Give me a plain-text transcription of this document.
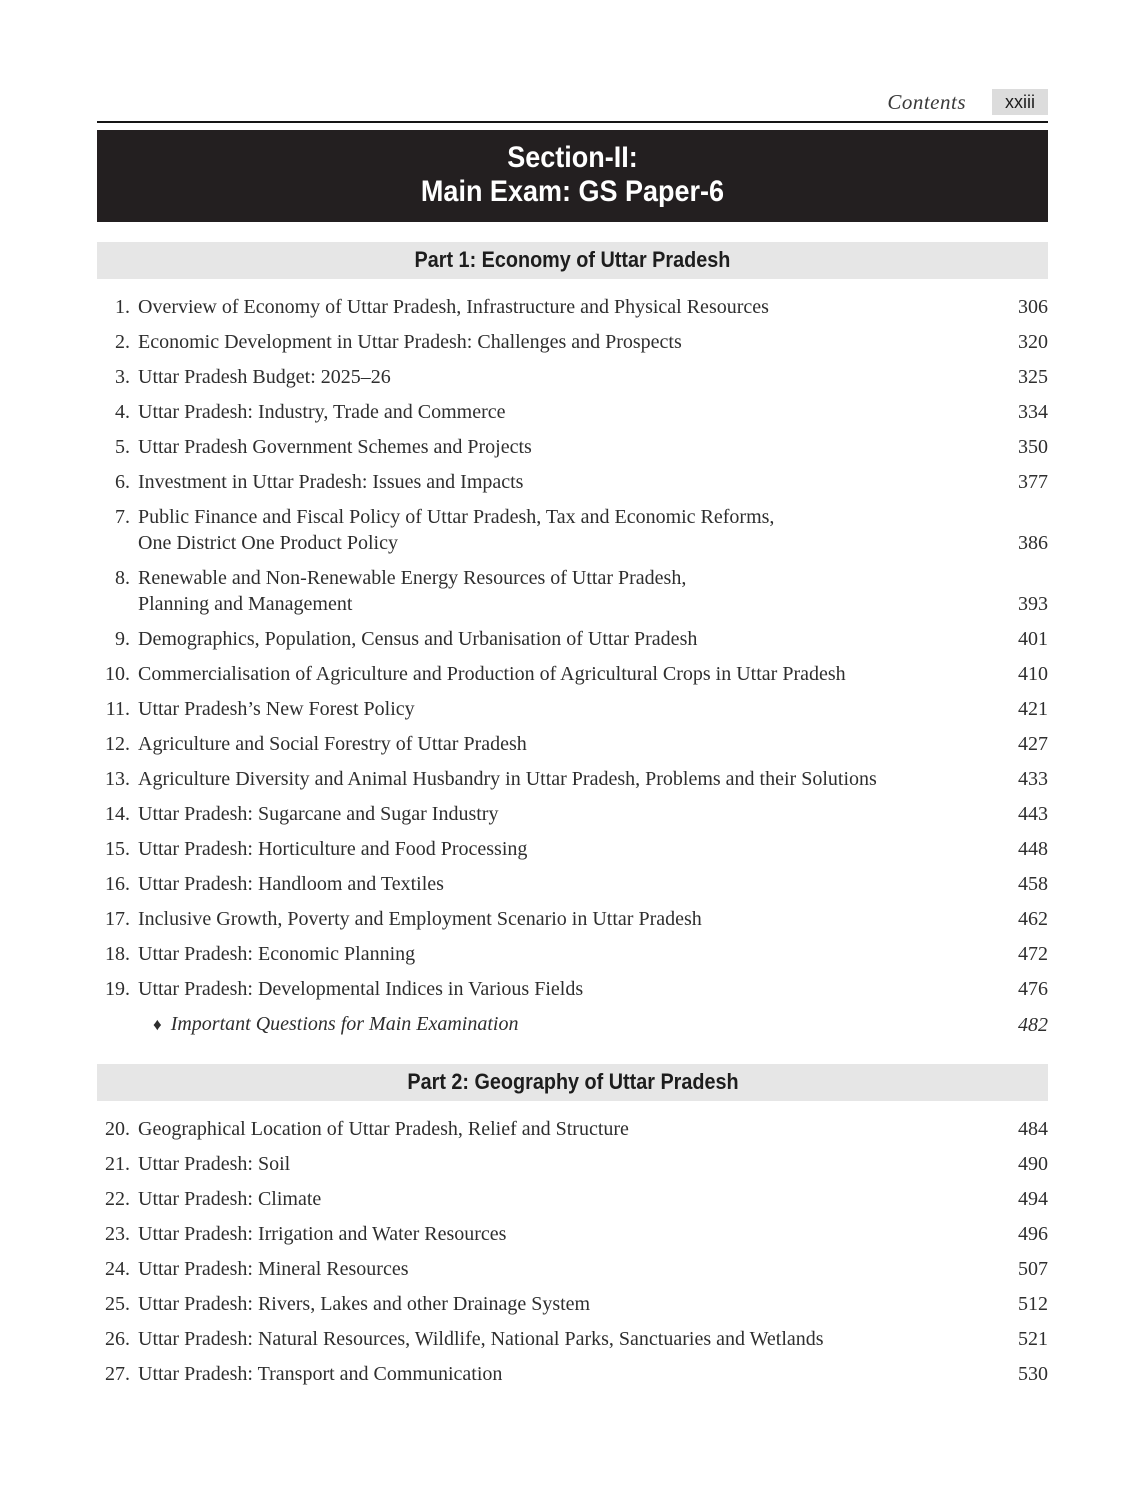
Contents xxiii
Section-II:
Main Exam: GS Paper-6
Part 1: Economy of Uttar Pradesh
1. Overview of Economy of Uttar Pradesh, Infrastructure and Physical Resources	306
2. Economic Development in Uttar Pradesh: Challenges and Prospects	320
3. Uttar Pradesh Budget: 2025–26	325
4. Uttar Pradesh: Industry, Trade and Commerce	334
5. Uttar Pradesh Government Schemes and Projects	350
6. Investment in Uttar Pradesh: Issues and Impacts	377
7. Public Finance and Fiscal Policy of Uttar Pradesh, Tax and Economic Reforms,
One District One Product Policy	386
8. Renewable and Non-Renewable Energy Resources of Uttar Pradesh,
Planning and Management	393
9. Demographics, Population, Census and Urbanisation of Uttar Pradesh	401
10. Commercialisation of Agriculture and Production of Agricultural Crops in Uttar Pradesh	410
11. Uttar Pradesh’s New Forest Policy	421
12. Agriculture and Social Forestry of Uttar Pradesh	427
13. Agriculture Diversity and Animal Husbandry in Uttar Pradesh, Problems and their Solutions	433
14. Uttar Pradesh: Sugarcane and Sugar Industry	443
15. Uttar Pradesh: Horticulture and Food Processing	448
16. Uttar Pradesh: Handloom and Textiles	458
17. Inclusive Growth, Poverty and Employment Scenario in Uttar Pradesh	462
18. Uttar Pradesh: Economic Planning	472
19. Uttar Pradesh: Developmental Indices in Various Fields	476
♦ Important Questions for Main Examination	482
Part 2: Geography of Uttar Pradesh
20. Geographical Location of Uttar Pradesh, Relief and Structure	484
21. Uttar Pradesh: Soil	490
22. Uttar Pradesh: Climate	494
23. Uttar Pradesh: Irrigation and Water Resources	496
24. Uttar Pradesh: Mineral Resources	507
25. Uttar Pradesh: Rivers, Lakes and other Drainage System	512
26. Uttar Pradesh: Natural Resources, Wildlife, National Parks, Sanctuaries and Wetlands	521
27. Uttar Pradesh: Transport and Communication	530
